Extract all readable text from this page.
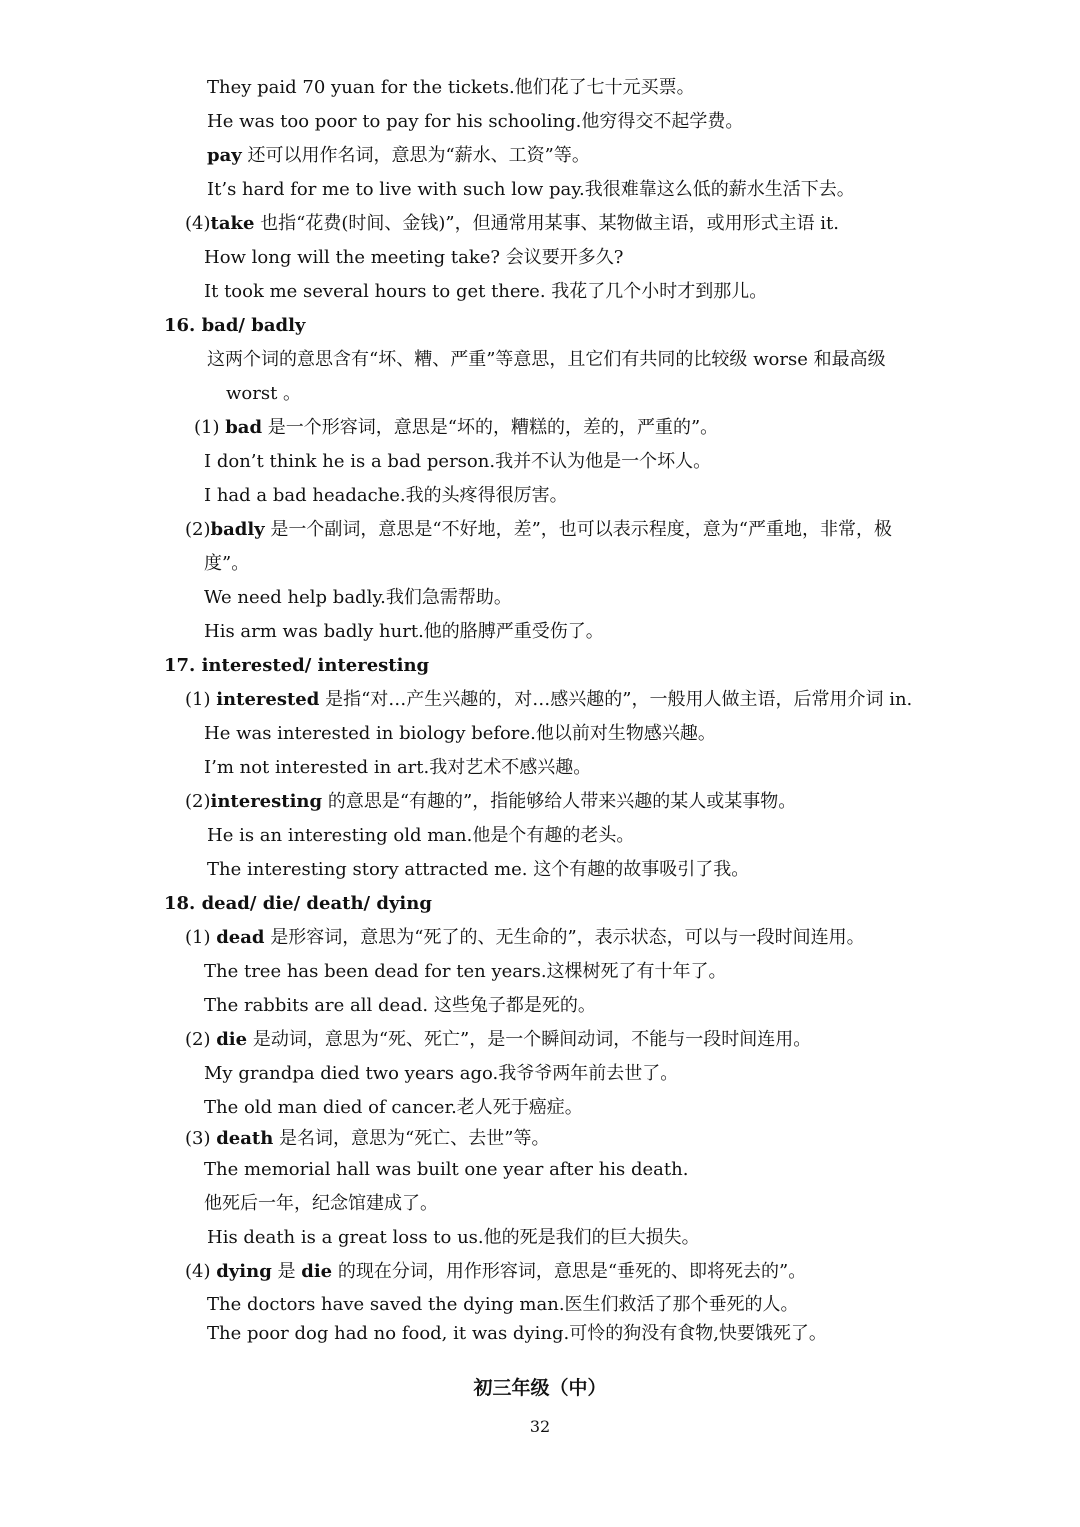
They paid 70 yuan for the tickets.他们花了七十元买票。
He was too poor to pay for his schooling.他穷得交不起学费。
pay 还可以用作名词，意思为“薪水、工资”等。
It’s hard for me to live with such low pay.我很难靠这么低的薪水生活下去。
(4)take 也指“花费(时间、金钱)”，但通常用某事、某物做主语，或用形式主语 it.
How long will the meeting take? 会议要开多久?
It took me several hours to get there. 我花了几个小时才到那儿。
16. bad/ badly
这两个词的意思含有“坏、糟、严重”等意思，且它们有共同的比较级 worse 和最高级
worst 。
(1) bad 是一个形容词，意思是“坏的，糟糕的，差的，严重的”。
I don’t think he is a bad person.我并不认为他是一个坏人。
I had a bad headache.我的头疼得很厉害。
(2)badly 是一个副词，意思是“不好地，差”，也可以表示程度，意为“严重地，非常，极
度”。
We need help badly.我们急需帮助。
His arm was badly hurt.他的胳膊严重受伤了。
17. interested/ interesting
(1) interested 是指“对…产生兴趣的，对…感兴趣的”，一般用人做主语，后常用介词 in.
He was interested in biology before.他以前对生物感兴趣。
I’m not interested in art.我对艺术不感兴趣。
(2)interesting 的意思是“有趣的”，指能够给人带来兴趣的某人或某事物。
He is an interesting old man.他是个有趣的老头。
The interesting story attracted me. 这个有趣的故事吸引了我。
18. dead/ die/ death/ dying
(1) dead 是形容词，意思为“死了的、无生命的”，表示状态，可以与一段时间连用。
The tree has been dead for ten years.这棵树死了有十年了。
The rabbits are all dead. 这些兔子都是死的。
(2) die 是动词，意思为“死、死亡”，是一个瞬间动词，不能与一段时间连用。
My grandpa died two years ago.我爷爷两年前去世了。
The old man died of cancer.老人死于癌症。
(3) death 是名词，意思为“死亡、去世”等。
The memorial hall was built one year after his death.
他死后一年，纪念馆建成了。
His death is a great loss to us.他的死是我们的巨大损失。
(4) dying 是 die 的现在分词，用作形容词，意思是“垂死的、即将死去的”。
The doctors have saved the dying man.医生们救活了那个垂死的人。
The poor dog had no food, it was dying.可怜的狗没有食物,快要饿死了。
初三年级（中）
32
